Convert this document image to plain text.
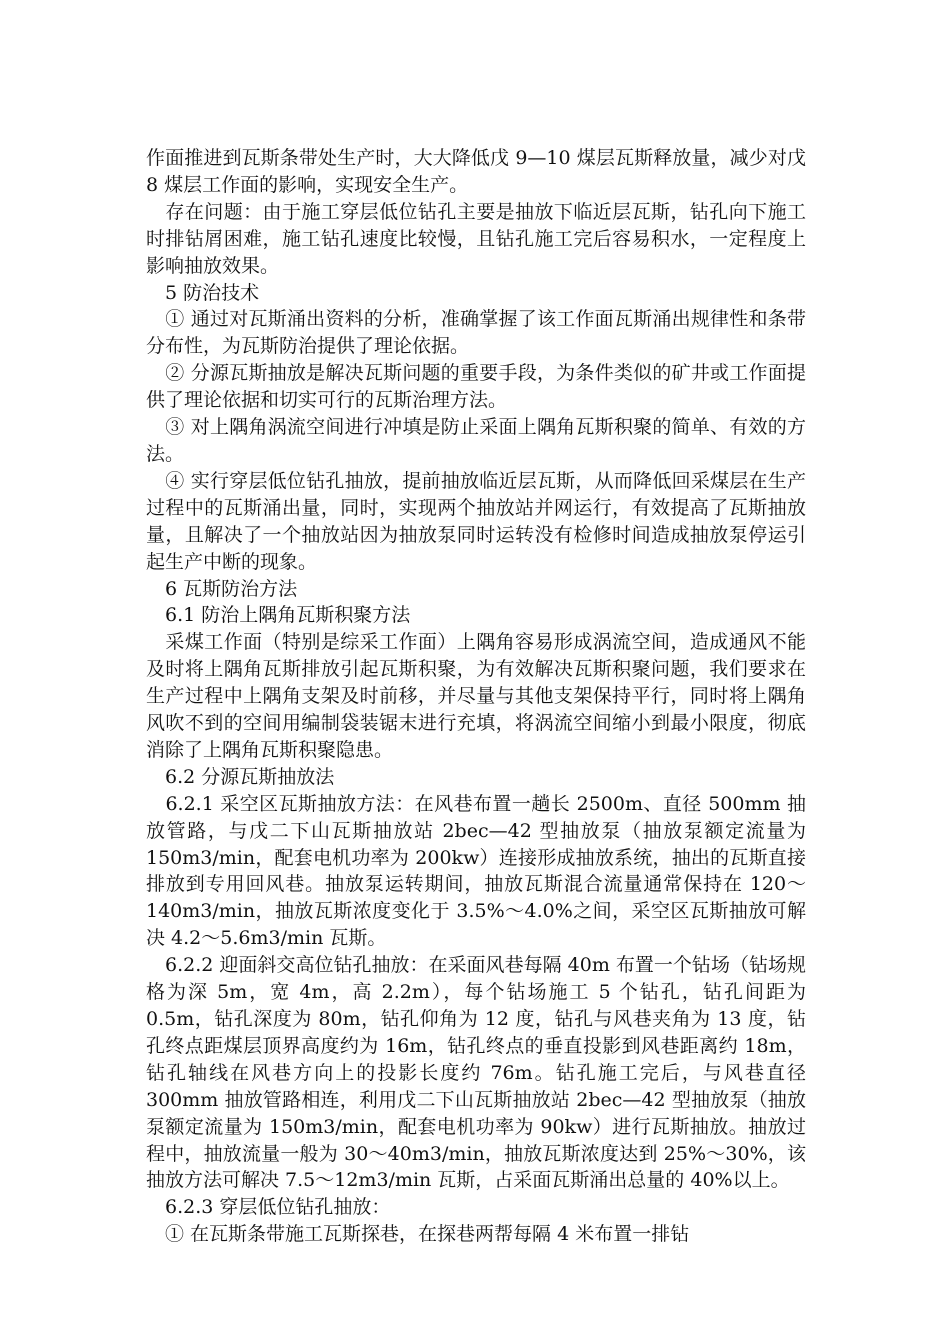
作面推进到瓦斯条带处生产时，大大降低戊 9—10 煤层瓦斯释放量，减少对戊 8 煤层工作面的影响，实现安全生产。

　存在问题：由于施工穿层低位钻孔主要是抽放下临近层瓦斯，钻孔向下施工时排钻屑困难，施工钻孔速度比较慢，且钻孔施工完后容易积水，一定程度上影响抽放效果。

　5 防治技术

　① 通过对瓦斯涌出资料的分析，准确掌握了该工作面瓦斯涌出规律性和条带分布性，为瓦斯防治提供了理论依据。

　② 分源瓦斯抽放是解决瓦斯问题的重要手段，为条件类似的矿井或工作面提供了理论依据和切实可行的瓦斯治理方法。

　③ 对上隅角涡流空间进行冲填是防止采面上隅角瓦斯积聚的简单、有效的方法。

　④ 实行穿层低位钻孔抽放，提前抽放临近层瓦斯，从而降低回采煤层在生产过程中的瓦斯涌出量，同时，实现两个抽放站并网运行，有效提高了瓦斯抽放量，且解决了一个抽放站因为抽放泵同时运转没有检修时间造成抽放泵停运引起生产中断的现象。

　6 瓦斯防治方法

　6.1 防治上隅角瓦斯积聚方法

　采煤工作面（特别是综采工作面）上隅角容易形成涡流空间，造成通风不能及时将上隅角瓦斯排放引起瓦斯积聚，为有效解决瓦斯积聚问题，我们要求在生产过程中上隅角支架及时前移，并尽量与其他支架保持平行，同时将上隅角风吹不到的空间用编制袋装锯末进行充填，将涡流空间缩小到最小限度，彻底消除了上隅角瓦斯积聚隐患。

　6.2 分源瓦斯抽放法

　6.2.1 采空区瓦斯抽放方法：在风巷布置一趟长 2500m、直径 500mm 抽放管路，与戊二下山瓦斯抽放站 2bec—42 型抽放泵（抽放泵额定流量为 150m3/min，配套电机功率为 200kw）连接形成抽放系统，抽出的瓦斯直接排放到专用回风巷。抽放泵运转期间，抽放瓦斯混合流量通常保持在 120～140m3/min，抽放瓦斯浓度变化于 3.5%～4.0%之间，采空区瓦斯抽放可解决 4.2～5.6m3/min 瓦斯。

　6.2.2 迎面斜交高位钻孔抽放：在采面风巷每隔 40m 布置一个钻场（钻场规格为深 5m，宽 4m，高 2.2m），每个钻场施工 5 个钻孔，钻孔间距为 0.5m，钻孔深度为 80m，钻孔仰角为 12 度，钻孔与风巷夹角为 13 度，钻孔终点距煤层顶界高度约为 16m，钻孔终点的垂直投影到风巷距离约 18m，钻孔轴线在风巷方向上的投影长度约 76m。钻孔施工完后，与风巷直径 300mm 抽放管路相连，利用戊二下山瓦斯抽放站 2bec—42 型抽放泵（抽放泵额定流量为 150m3/min，配套电机功率为 90kw）进行瓦斯抽放。抽放过程中，抽放流量一般为 30～40m3/min，抽放瓦斯浓度达到 25%～30%，该抽放方法可解决 7.5～12m3/min 瓦斯，占采面瓦斯涌出总量的 40%以上。

　6.2.3 穿层低位钻孔抽放：

　① 在瓦斯条带施工瓦斯探巷，在探巷两帮每隔 4 米布置一排钻
